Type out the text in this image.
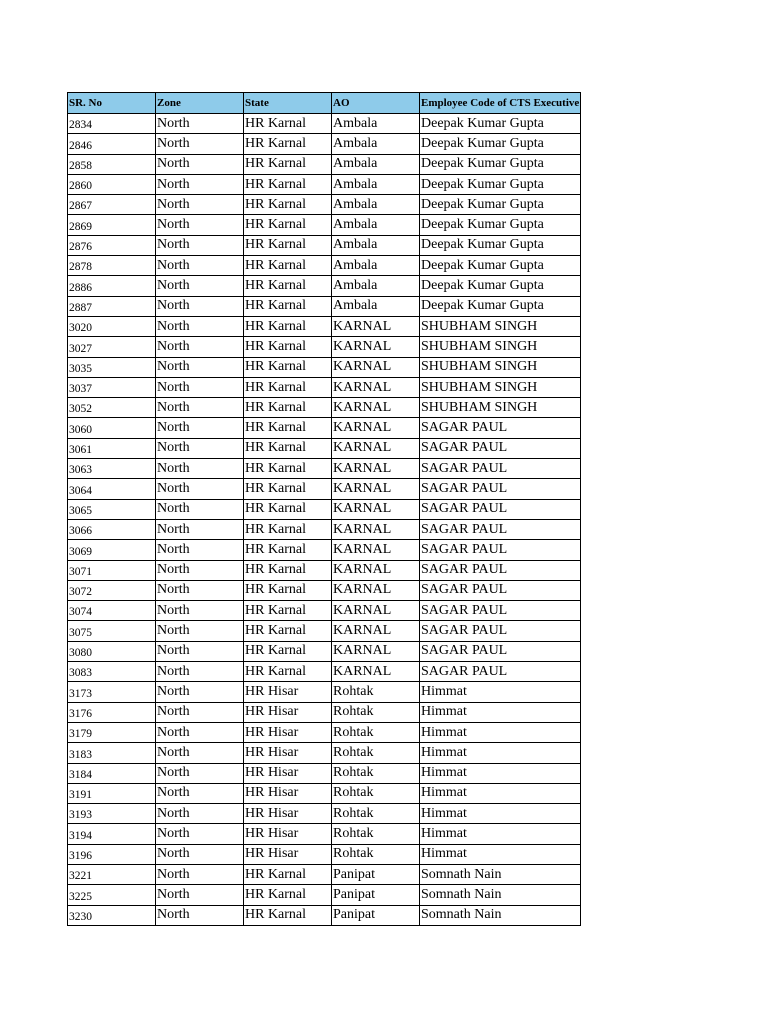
SR. No	Zone	State	AO	Employee Code of CTS Executive
2834	North	HR Karnal	Ambala	Deepak Kumar Gupta
2846	North	HR Karnal	Ambala	Deepak Kumar Gupta
2858	North	HR Karnal	Ambala	Deepak Kumar Gupta
2860	North	HR Karnal	Ambala	Deepak Kumar Gupta
2867	North	HR Karnal	Ambala	Deepak Kumar Gupta
2869	North	HR Karnal	Ambala	Deepak Kumar Gupta
2876	North	HR Karnal	Ambala	Deepak Kumar Gupta
2878	North	HR Karnal	Ambala	Deepak Kumar Gupta
2886	North	HR Karnal	Ambala	Deepak Kumar Gupta
2887	North	HR Karnal	Ambala	Deepak Kumar Gupta
3020	North	HR Karnal	KARNAL	SHUBHAM SINGH
3027	North	HR Karnal	KARNAL	SHUBHAM SINGH
3035	North	HR Karnal	KARNAL	SHUBHAM SINGH
3037	North	HR Karnal	KARNAL	SHUBHAM SINGH
3052	North	HR Karnal	KARNAL	SHUBHAM SINGH
3060	North	HR Karnal	KARNAL	SAGAR PAUL
3061	North	HR Karnal	KARNAL	SAGAR PAUL
3063	North	HR Karnal	KARNAL	SAGAR PAUL
3064	North	HR Karnal	KARNAL	SAGAR PAUL
3065	North	HR Karnal	KARNAL	SAGAR PAUL
3066	North	HR Karnal	KARNAL	SAGAR PAUL
3069	North	HR Karnal	KARNAL	SAGAR PAUL
3071	North	HR Karnal	KARNAL	SAGAR PAUL
3072	North	HR Karnal	KARNAL	SAGAR PAUL
3074	North	HR Karnal	KARNAL	SAGAR PAUL
3075	North	HR Karnal	KARNAL	SAGAR PAUL
3080	North	HR Karnal	KARNAL	SAGAR PAUL
3083	North	HR Karnal	KARNAL	SAGAR PAUL
3173	North	HR Hisar	Rohtak	Himmat
3176	North	HR Hisar	Rohtak	Himmat
3179	North	HR Hisar	Rohtak	Himmat
3183	North	HR Hisar	Rohtak	Himmat
3184	North	HR Hisar	Rohtak	Himmat
3191	North	HR Hisar	Rohtak	Himmat
3193	North	HR Hisar	Rohtak	Himmat
3194	North	HR Hisar	Rohtak	Himmat
3196	North	HR Hisar	Rohtak	Himmat
3221	North	HR Karnal	Panipat	Somnath Nain
3225	North	HR Karnal	Panipat	Somnath Nain
3230	North	HR Karnal	Panipat	Somnath Nain
